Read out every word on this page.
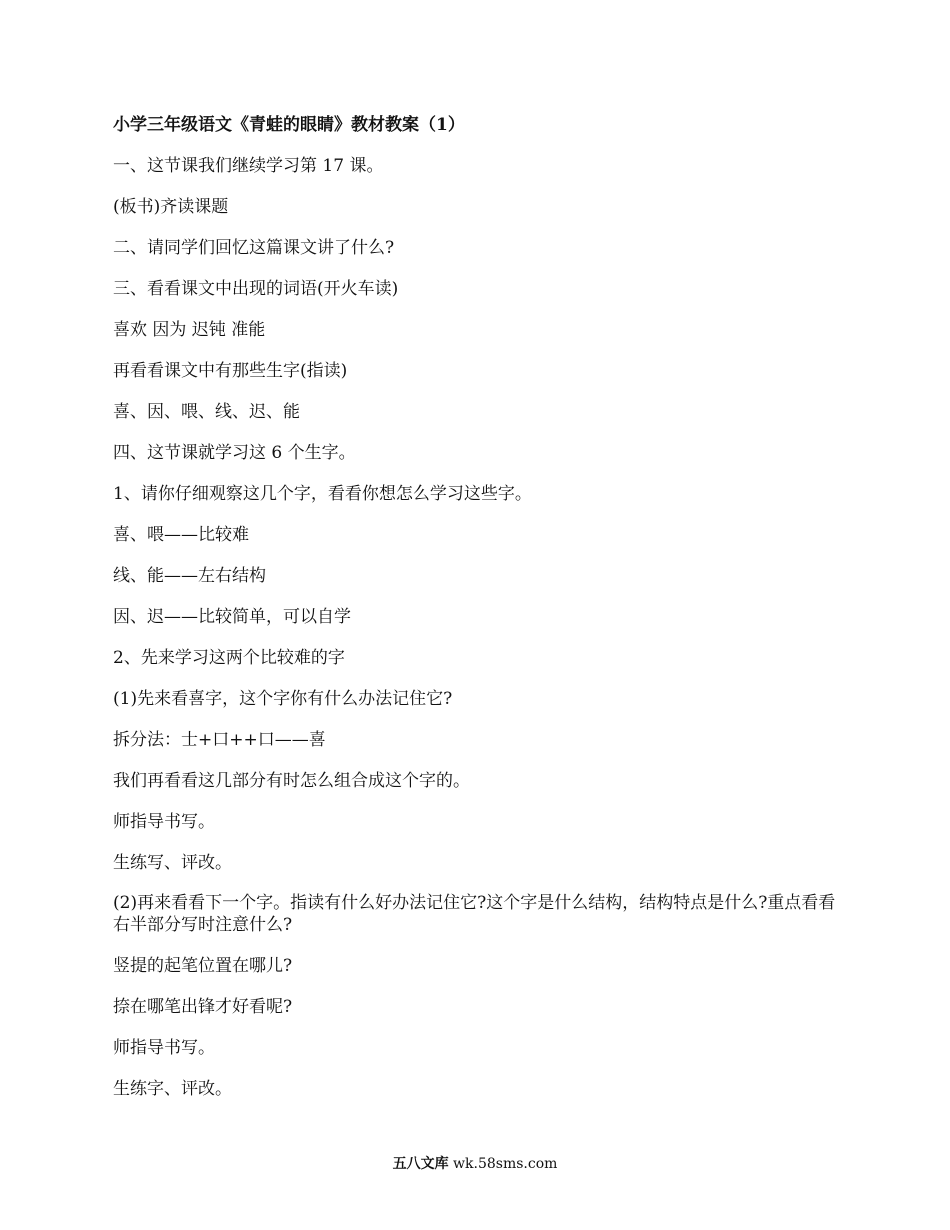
小学三年级语文《青蛙的眼睛》教材教案（1）
一、这节课我们继续学习第 17 课。
(板书)齐读课题
二、请同学们回忆这篇课文讲了什么?
三、看看课文中出现的词语(开火车读)
喜欢 因为 迟钝 准能
再看看课文中有那些生字(指读)
喜、因、喂、线、迟、能
四、这节课就学习这 6 个生字。
1、请你仔细观察这几个字，看看你想怎么学习这些字。
喜、喂——比较难
线、能——左右结构
因、迟——比较简单，可以自学
2、先来学习这两个比较难的字
(1)先来看喜字，这个字你有什么办法记住它?
拆分法：士+口++口——喜
我们再看看这几部分有时怎么组合成这个字的。
师指导书写。
生练写、评改。
(2)再来看看下一个字。指读有什么好办法记住它?这个字是什么结构，结构特点是什么?重点看看右半部分写时注意什么?
竖提的起笔位置在哪儿?
捺在哪笔出锋才好看呢?
师指导书写。
生练字、评改。
五八文库 wk.58sms.com
